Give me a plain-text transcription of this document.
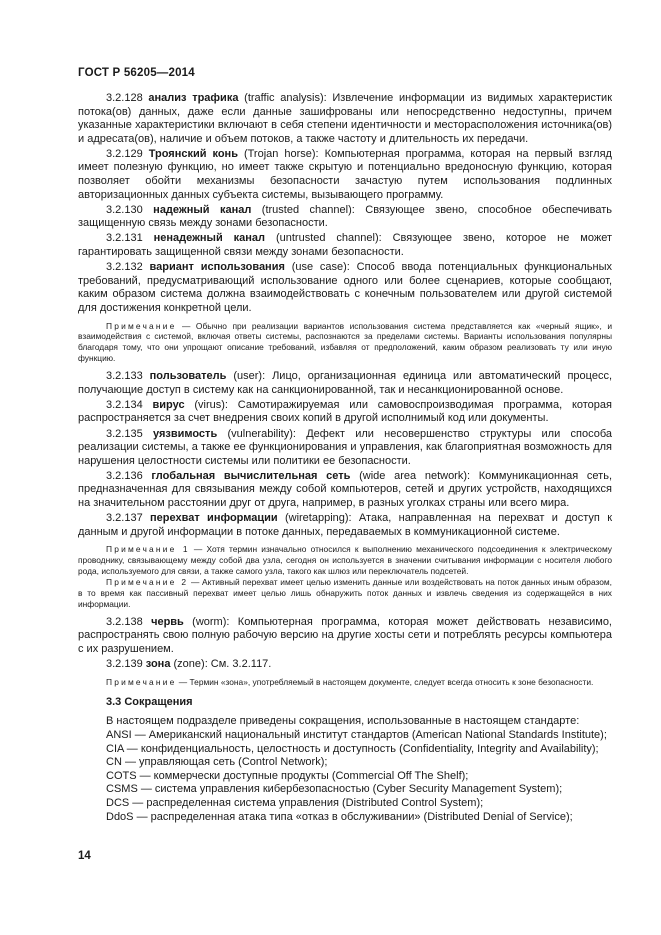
ГОСТ Р 56205—2014

3.2.128 анализ трафика (traffic analysis): Извлечение информации из видимых характеристик потока(ов) данных, даже если данные зашифрованы или непосредственно недоступны, причем указанные характеристики включают в себя степени идентичности и месторасположения источника(ов) и адресата(ов), наличие и объем потоков, а также частоту и длительность их передачи.

3.2.129 Троянский конь (Trojan horse): Компьютерная программа, которая на первый взгляд имеет полезную функцию, но имеет также скрытую и потенциально вредоносную функцию, которая позволяет обойти механизмы безопасности зачастую путем использования подлинных авторизационных данных субъекта системы, вызывающего программу.

3.2.130 надежный канал (trusted channel): Связующее звено, способное обеспечивать защищенную связь между зонами безопасности.

3.2.131 ненадежный канал (untrusted channel): Связующее звено, которое не может гарантировать защищенной связи между зонами безопасности.

3.2.132 вариант использования (use case): Способ ввода потенциальных функциональных требований, предусматривающий использование одного или более сценариев, которые сообщают, каким образом система должна взаимодействовать с конечным пользователем или другой системой для достижения конкретной цели.

Примечание — Обычно при реализации вариантов использования система представляется как «черный ящик», и взаимодействия с системой, включая ответы системы, распознаются за пределами системы. Варианты использования популярны благодаря тому, что они упрощают описание требований, избавляя от предположений, каким образом реализовать ту или иную функцию.

3.2.133 пользователь (user): Лицо, организационная единица или автоматический процесс, получающие доступ в систему как на санкционированной, так и несанкционированной основе.

3.2.134 вирус (virus): Самотиражируемая или самовоспроизводимая программа, которая распространяется за счет внедрения своих копий в другой исполнимый код или документы.

3.2.135 уязвимость (vulnerability): Дефект или несовершенство структуры или способа реализации системы, а также ее функционирования и управления, как благоприятная возможность для нарушения целостности системы или политики ее безопасности.

3.2.136 глобальная вычислительная сеть (wide area network): Коммуникационная сеть, предназначенная для связывания между собой компьютеров, сетей и других устройств, находящихся на значительном расстоянии друг от друга, например, в разных уголках страны или всего мира.

3.2.137 перехват информации (wiretapping): Атака, направленная на перехват и доступ к данным и другой информации в потоке данных, передаваемых в коммуникационной системе.

Примечание 1 — Хотя термин изначально относился к выполнению механического подсоединения к электрическому проводнику, связывающему между собой два узла, сегодня он используется в значении считывания информации с носителя любого рода, используемого для связи, а также самого узла, такого как шлюз или переключатель подсетей.

Примечание 2 — Активный перехват имеет целью изменить данные или воздействовать на поток данных иным образом, в то время как пассивный перехват имеет целью лишь обнаружить поток данных и извлечь сведения из содержащейся в них информации.

3.2.138 червь (worm): Компьютерная программа, которая может действовать независимо, распространять свою полную рабочую версию на другие хосты сети и потреблять ресурсы компьютера с их разрушением.

3.2.139 зона (zone): См. 3.2.117.

Примечание — Термин «зона», употребляемый в настоящем документе, следует всегда относить к зоне безопасности.

3.3 Сокращения

В настоящем подразделе приведены сокращения, использованные в настоящем стандарте:

ANSI — Американский национальный институт стандартов (American National Standards Institute);

CIA — конфиденциальность, целостность и доступность (Confidentiality, Integrity and Availability);

CN — управляющая сеть (Control Network);

COTS — коммерчески доступные продукты (Commercial Off The Shelf);

CSMS — система управления кибербезопасностью (Cyber Security Management System);

DCS — распределенная система управления (Distributed Control System);

DdoS — распределенная атака типа «отказ в обслуживании» (Distributed Denial of Service);

14
